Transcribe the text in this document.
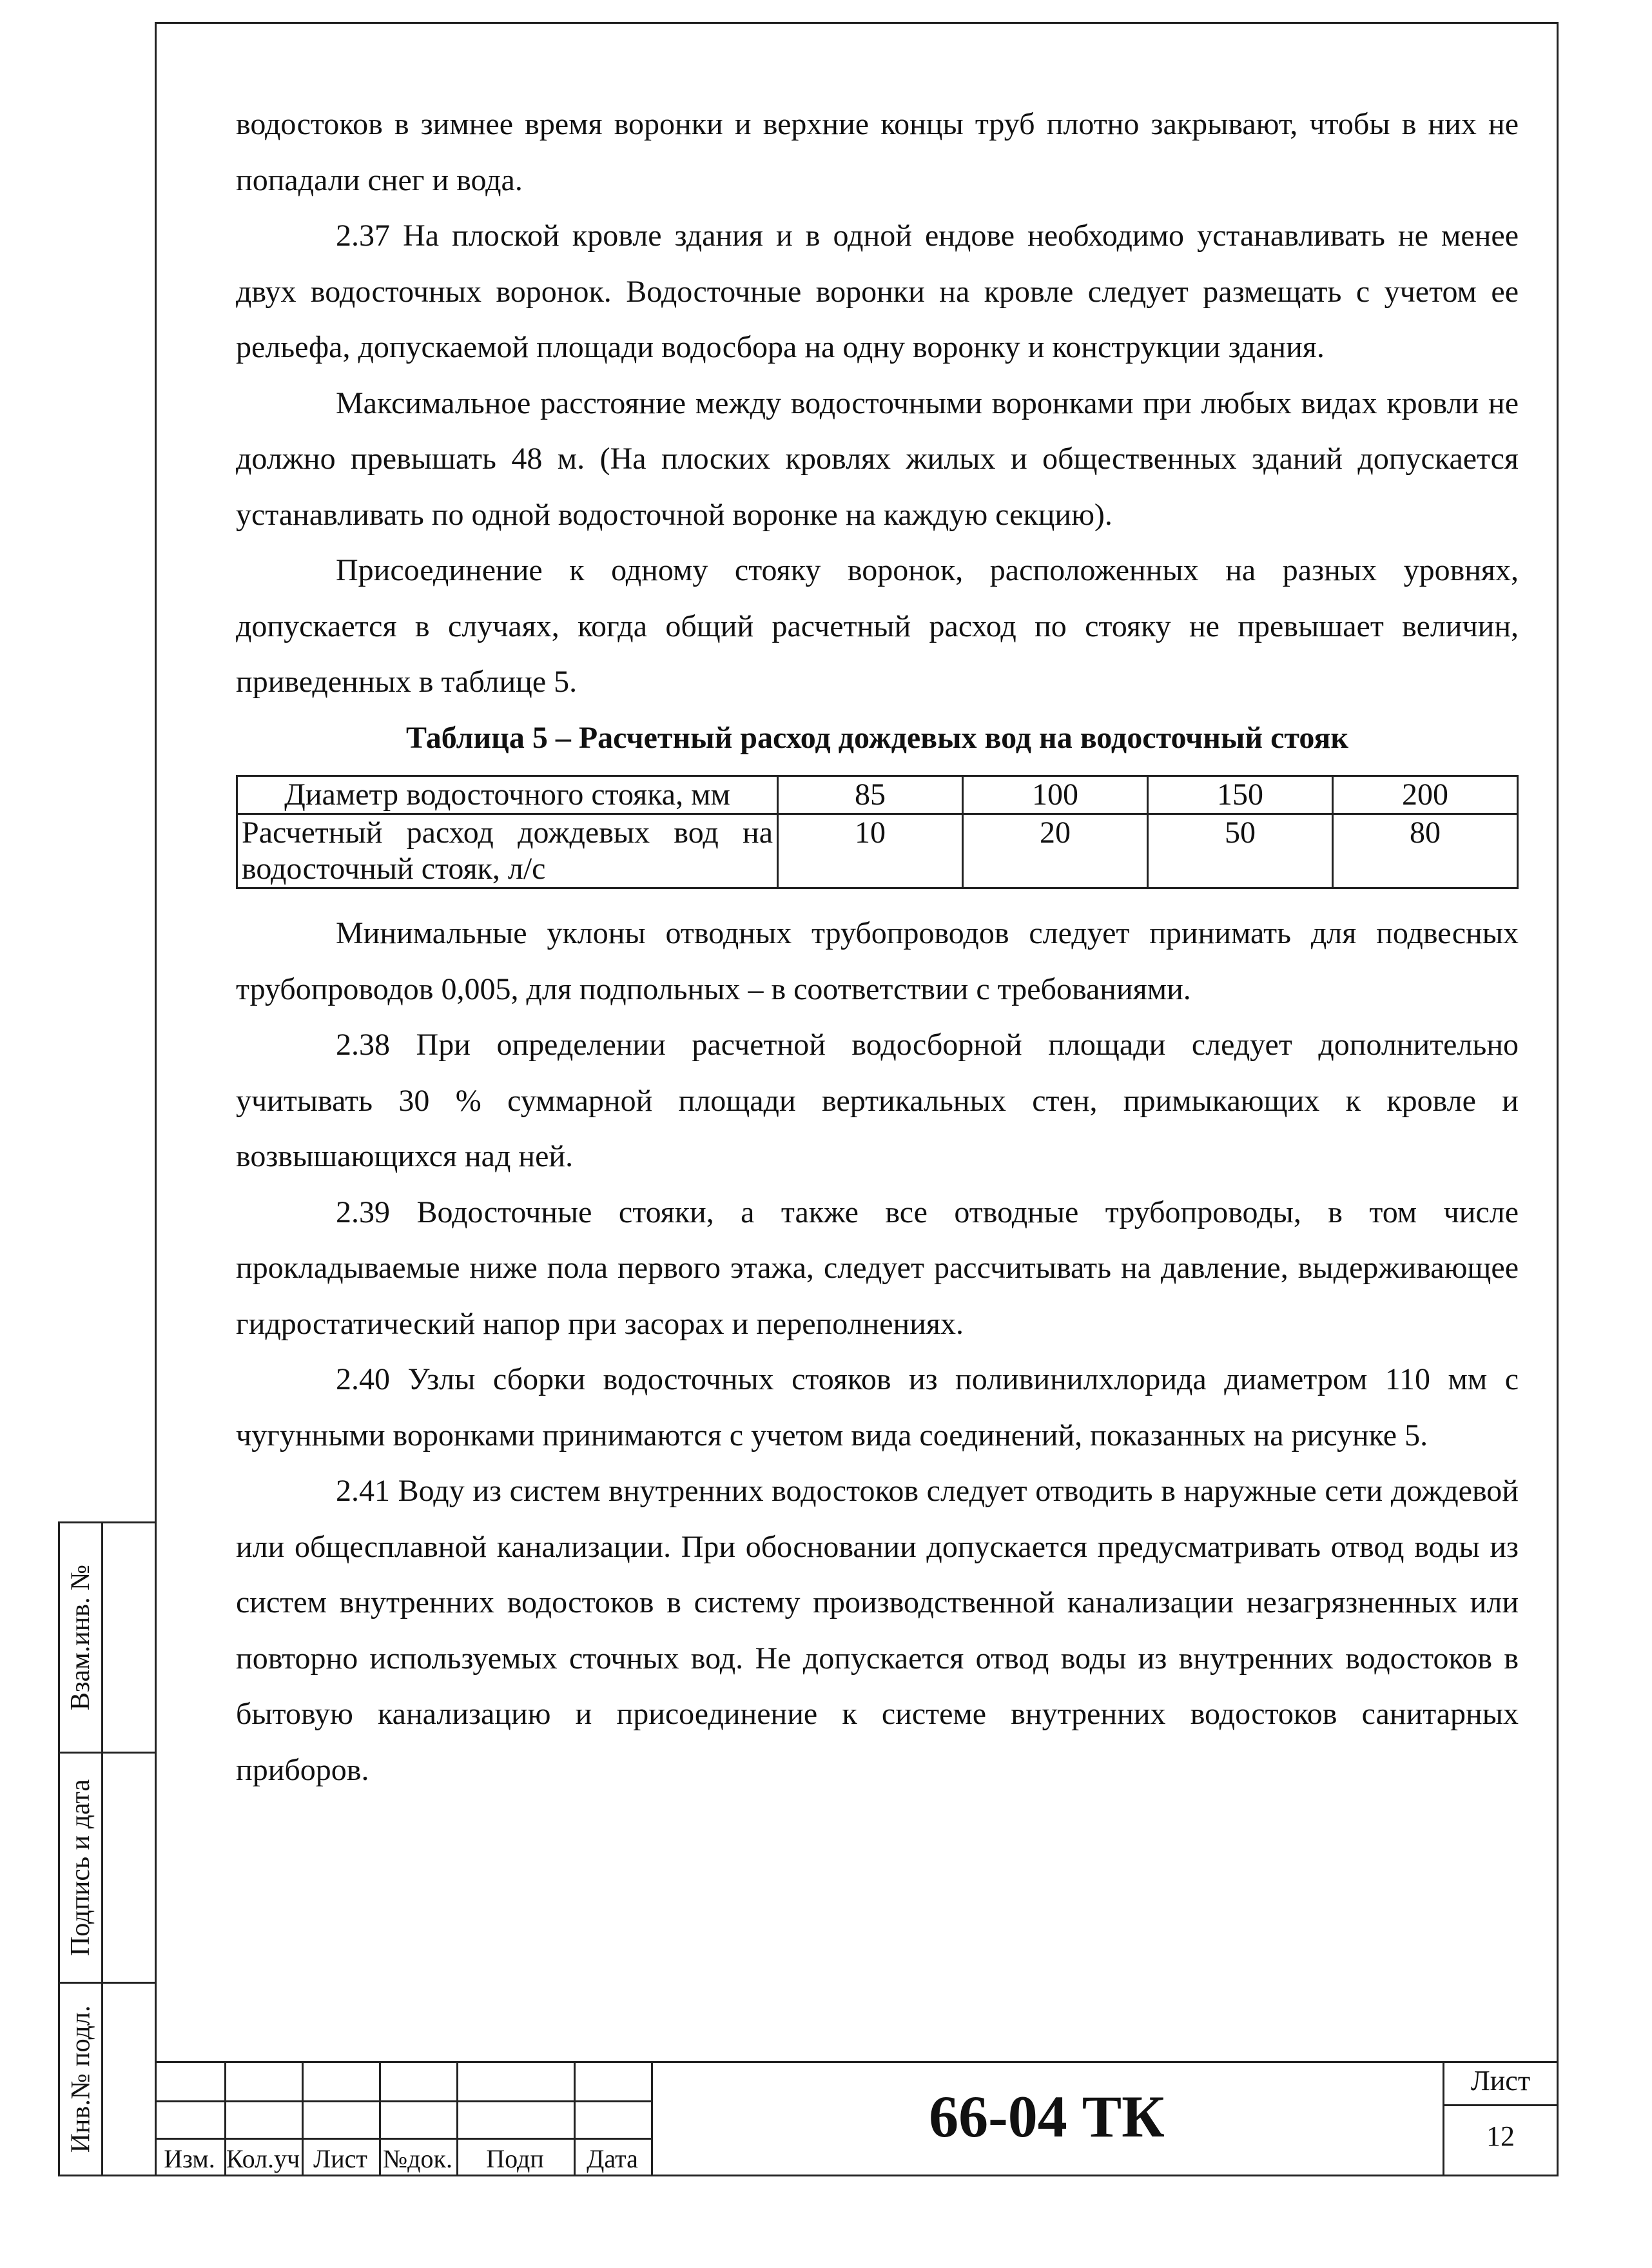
водостоков в зимнее время воронки и верхние концы труб плотно закрывают, чтобы в них не попадали снег и вода.

2.37 На плоской кровле здания и в одной ендове необходимо устанавливать не менее двух водосточных воронок. Водосточные воронки на кровле следует размещать с учетом ее рельефа, допускаемой площади водосбора на одну воронку и конструкции здания.

Максимальное расстояние между водосточными воронками при любых видах кровли не должно превышать 48 м. (На плоских кровлях жилых и общественных зданий допускается устанавливать по одной водосточной воронке на каждую секцию).

Присоединение к одному стояку воронок, расположенных на разных уровнях, допускается в случаях, когда общий расчетный расход по стояку не превышает величин, приведенных в таблице 5.

Таблица 5 – Расчетный расход дождевых вод на водосточный стояк

Диаметр водосточного стояка, мм	85	100	150	200
Расчетный расход дождевых вод на водосточный стояк, л/с	10	20	50	80

Минимальные уклоны отводных трубопроводов следует принимать для подвесных трубопроводов 0,005, для подпольных – в соответствии с требованиями.

2.38 При определении расчетной водосборной площади следует дополнительно учитывать 30 % суммарной площади вертикальных стен, примыкающих к кровле и возвышающихся над ней.

2.39 Водосточные стояки, а также все отводные трубопроводы, в том числе прокладываемые ниже пола первого этажа, следует рассчитывать на давление, выдерживающее гидростатический напор при засорах и переполнениях.

2.40 Узлы сборки водосточных стояков из поливинилхлорида диаметром 110 мм с чугунными воронками принимаются с учетом вида соединений, показанных на рисунке 5.

2.41 Воду из систем внутренних водостоков следует отводить в наружные сети дождевой или общесплавной канализации. При обосновании допускается предусматривать отвод воды из систем внутренних водостоков в систему производственной канализации незагрязненных или повторно используемых сточных вод. Не допускается отвод воды из внутренних водостоков в бытовую канализацию и присоединение к системе внутренних водостоков санитарных приборов.

Взам.инв. №
Подпись и дата
Инв.№ подл.
Изм. Кол.уч Лист №док.	Подп	Дата
66-04 ТК
Лист
12
